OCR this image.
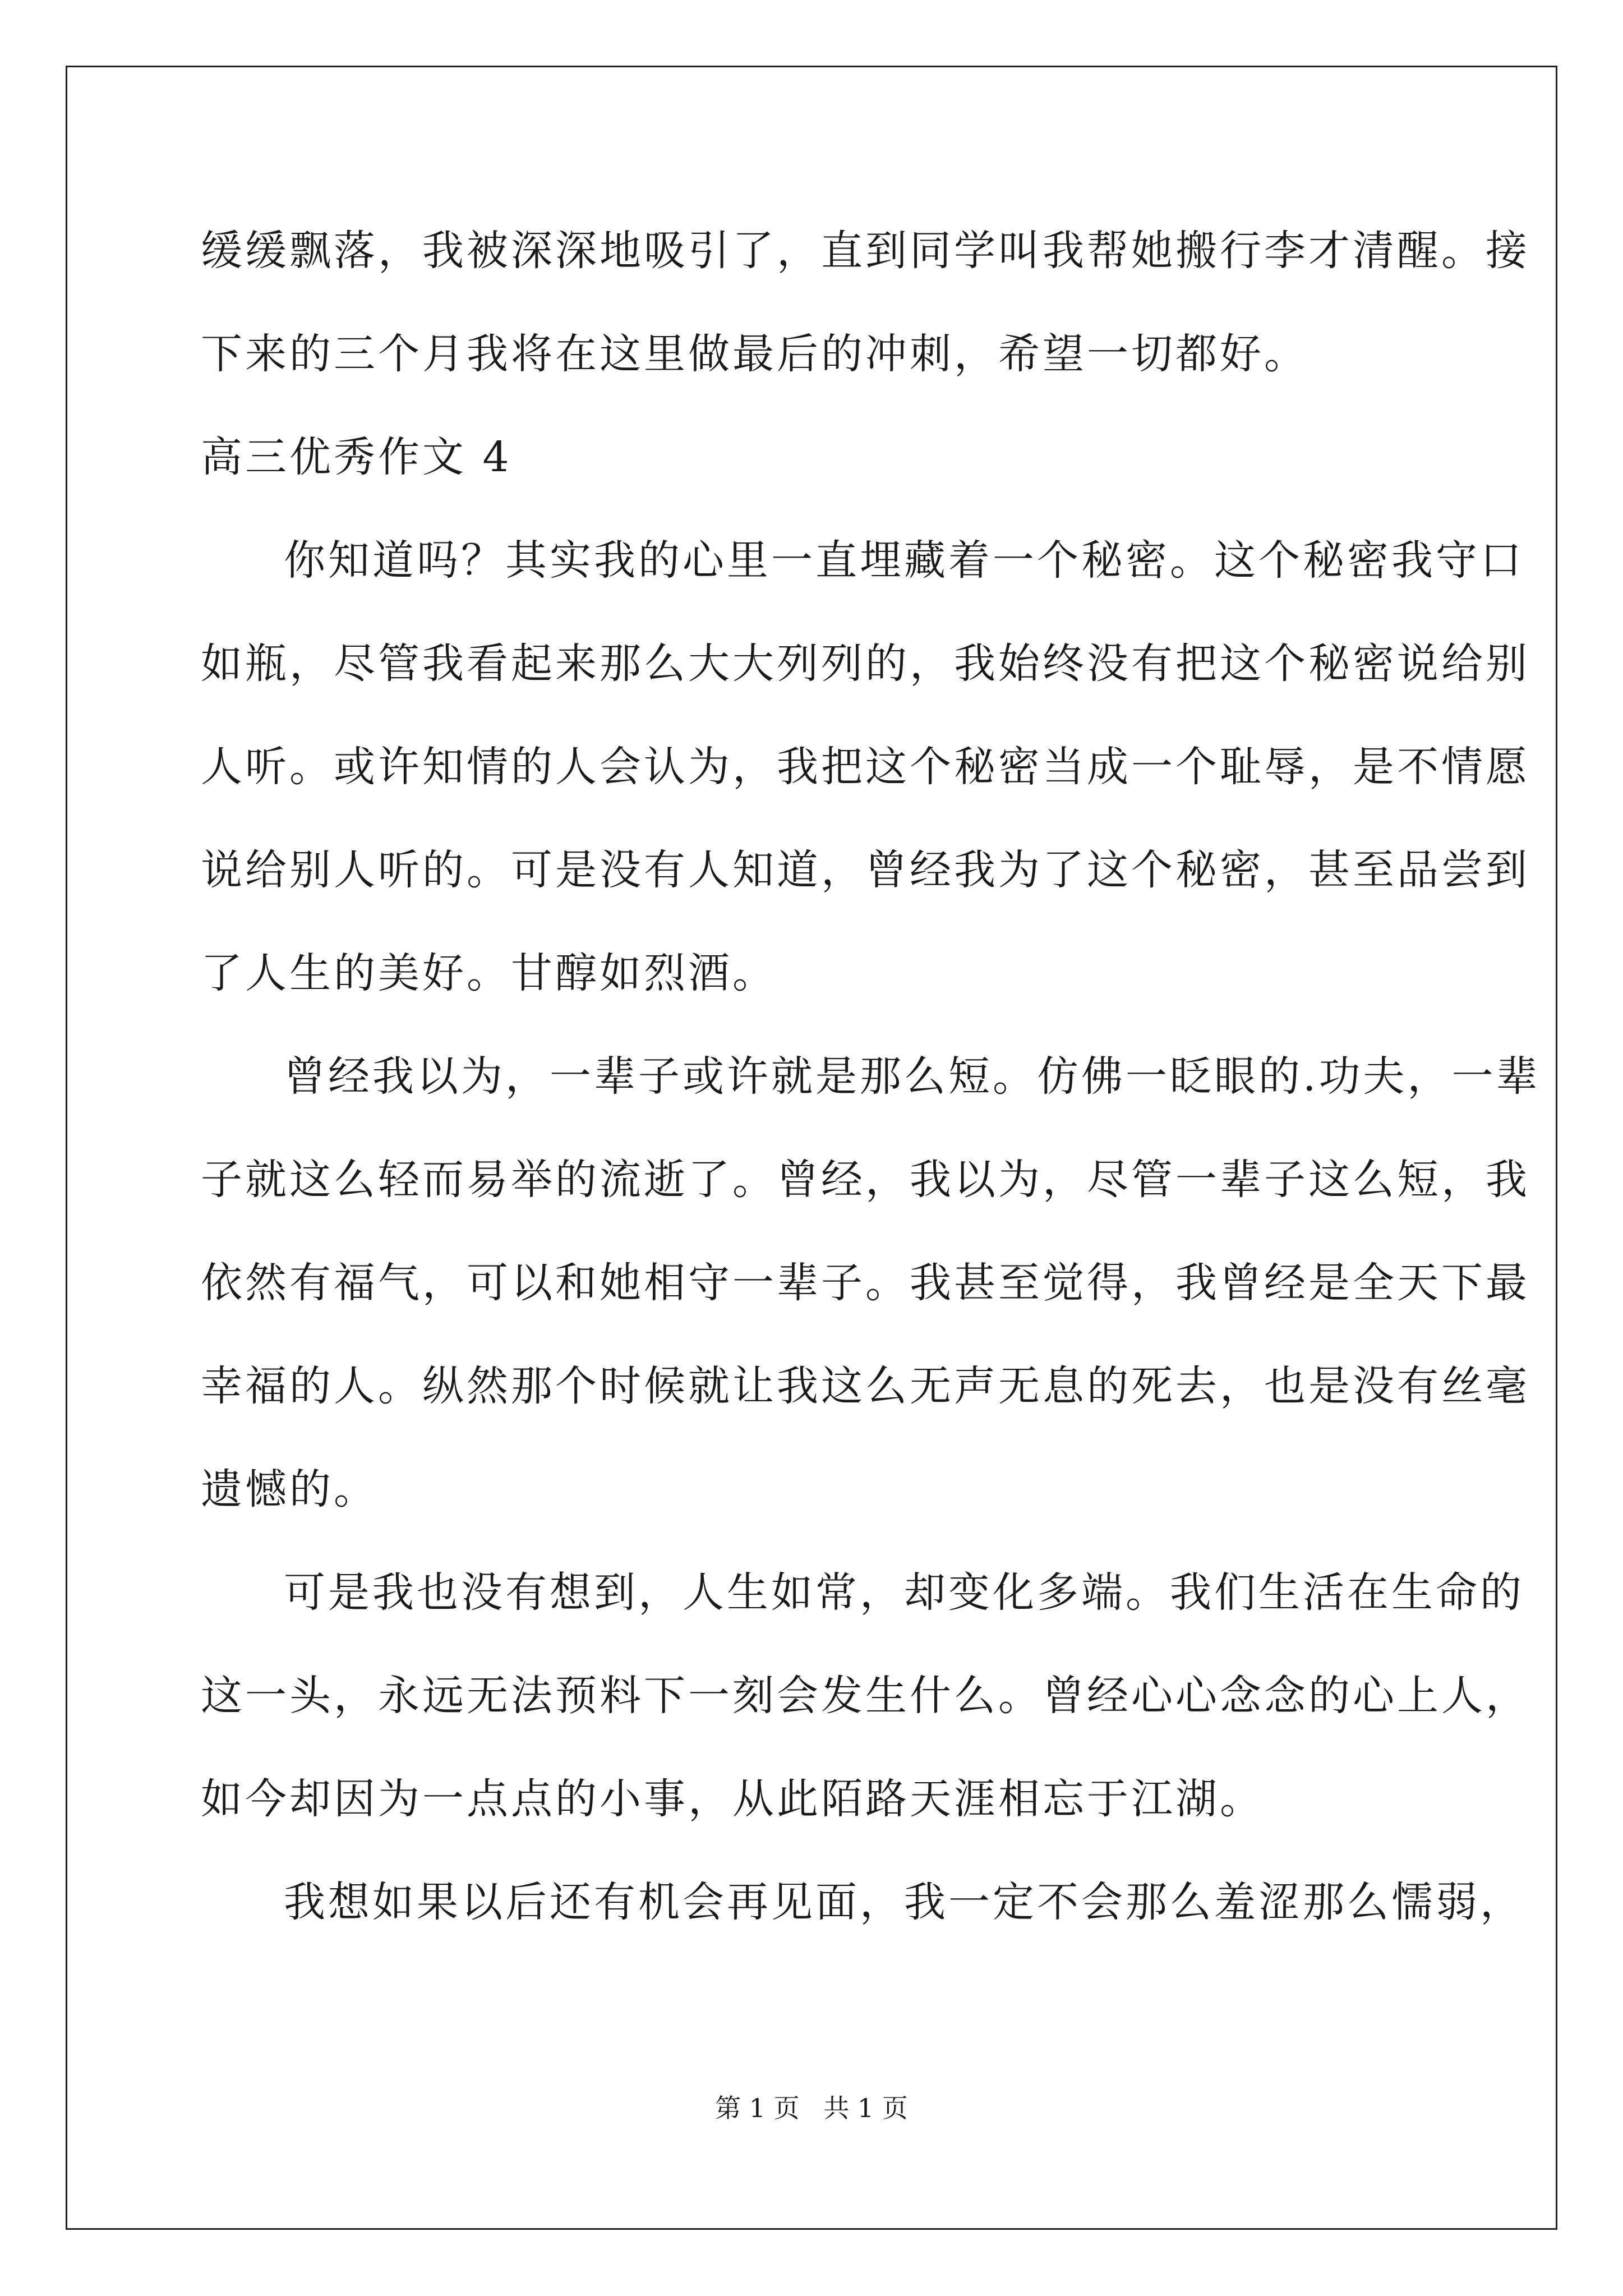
缓缓飘落，我被深深地吸引了，直到同学叫我帮她搬行李才清醒。接
下来的三个月我将在这里做最后的冲刺，希望一切都好。
高三优秀作文 4
你知道吗？其实我的心里一直埋藏着一个秘密。这个秘密我守口
如瓶，尽管我看起来那么大大列列的，我始终没有把这个秘密说给别
人听。或许知情的人会认为，我把这个秘密当成一个耻辱，是不情愿
说给别人听的。可是没有人知道，曾经我为了这个秘密，甚至品尝到
了人生的美好。甘醇如烈酒。
曾经我以为，一辈子或许就是那么短。仿佛一眨眼的.功夫，一辈
子就这么轻而易举的流逝了。曾经，我以为，尽管一辈子这么短，我
依然有福气，可以和她相守一辈子。我甚至觉得，我曾经是全天下最
幸福的人。纵然那个时候就让我这么无声无息的死去，也是没有丝毫
遗憾的。
可是我也没有想到，人生如常，却变化多端。我们生活在生命的
这一头，永远无法预料下一刻会发生什么。曾经心心念念的心上人，
如今却因为一点点的小事，从此陌路天涯相忘于江湖。
我想如果以后还有机会再见面，我一定不会那么羞涩那么懦弱，
第 1 页 共 1 页
